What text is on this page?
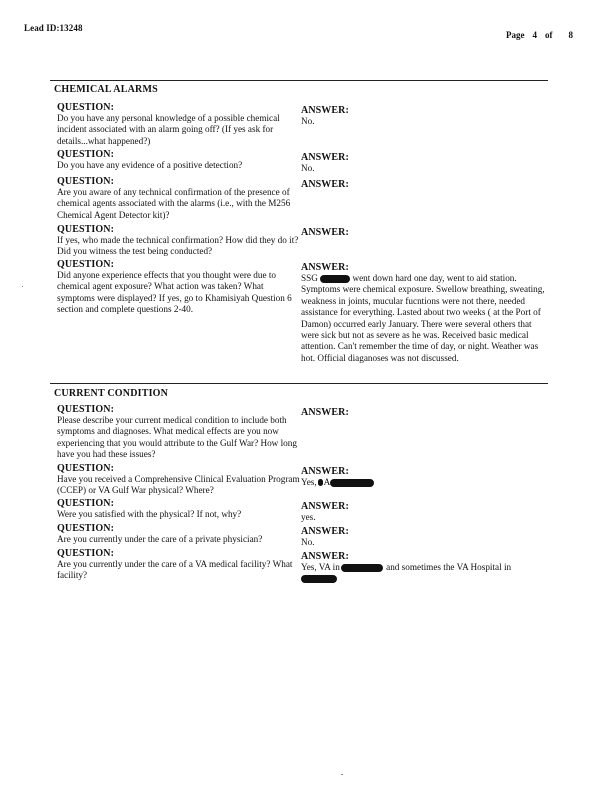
Lead ID:13248
Page 4 of 8
CHEMICAL ALARMS
QUESTION:
Do you have any personal knowledge of a possible chemical incident associated with an alarm going off? (If yes ask for details...what happened?)
ANSWER:
No.
QUESTION:
Do you have any evidence of a positive detection?
ANSWER:
No.
QUESTION:
Are you aware of any technical confirmation of the presence of chemical agents associated with the alarms (i.e., with the M256 Chemical Agent Detector kit)?
ANSWER:
QUESTION:
If yes, who made the technical confirmation? How did they do it? Did you witness the test being conducted?
ANSWER:
QUESTION:
Did anyone experience effects that you thought were due to chemical agent exposure? What action was taken? What symptoms were displayed? If yes, go to Khamisiyah Question 6 section and complete questions 2-40.
ANSWER:
SSG	went down hard one day, went to aid station. Symptoms were chemical exposure. Swellow breathing, sweating, weakness in joints, mucular fucntions were not there, needed assistance for everything. Lasted about two weeks ( at the Port of Damon) occurred early January. There were several others that were sick but not as severe as he was. Received basic medical attention. Can't remember the time of day, or night. Weather was hot. Official diaganoses was not discussed.
CURRENT CONDITION
QUESTION:
Please describe your current medical condition to include both symptoms and diagnoses. What medical effects are you now experiencing that you would attribute to the Gulf War? How long have you had these issues?
ANSWER:
QUESTION:
Have you received a Comprehensive Clinical Evaluation Program (CCEP) or VA Gulf War physical? Where?
ANSWER:
Yes, A
QUESTION:
Were you satisfied with the physical? If not, why?
ANSWER:
yes.
QUESTION:
Are you currently under the care of a private physician?
ANSWER:
No.
QUESTION:
Are you currently under the care of a VA medical facility? What facility?
ANSWER:
Yes, VA in	and sometimes the VA Hospital in
